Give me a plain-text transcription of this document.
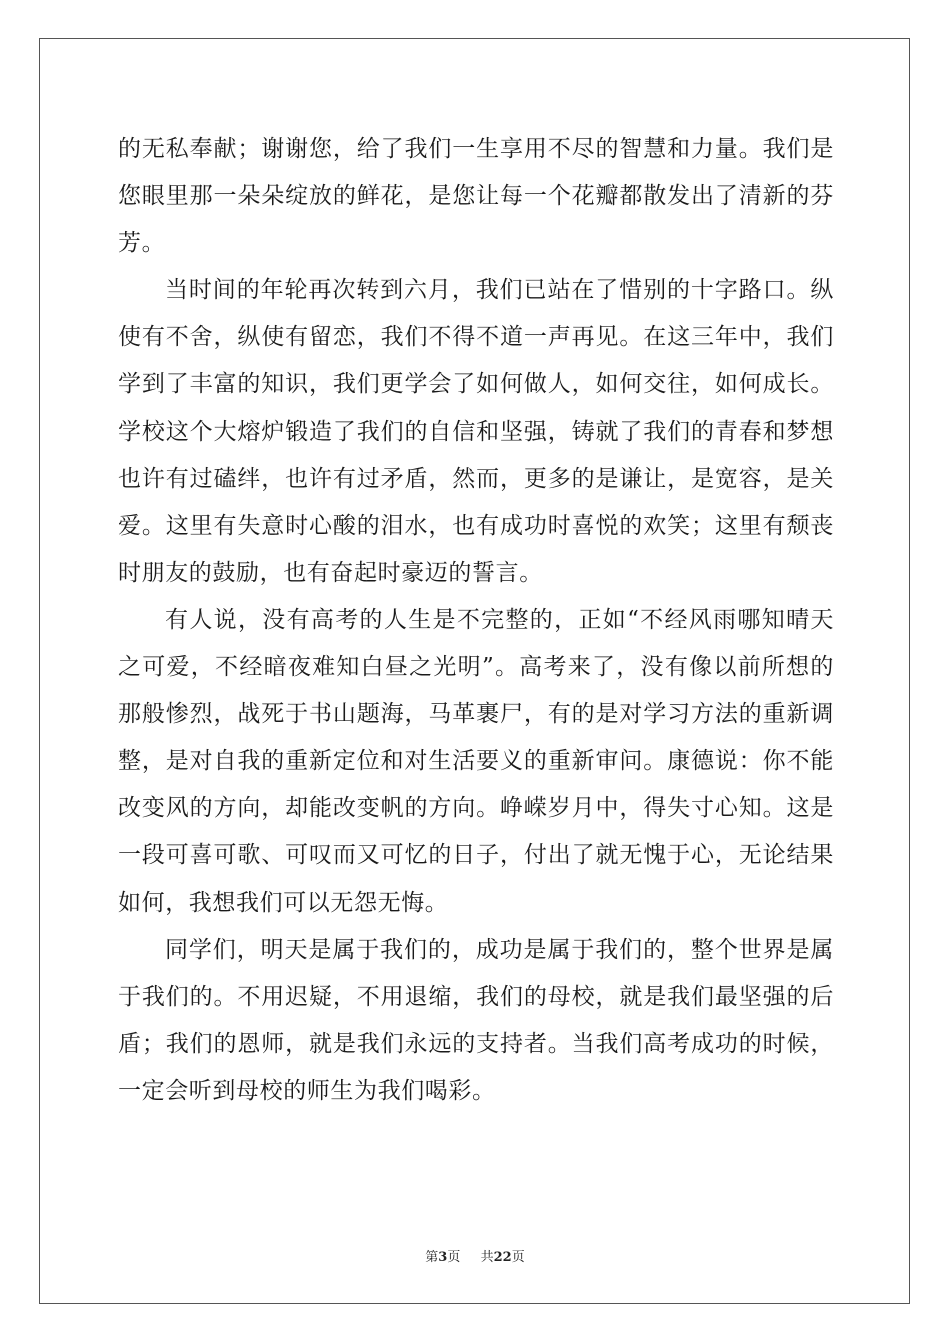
的无私奉献；谢谢您，给了我们一生享用不尽的智慧和力量。我们是您眼里那一朵朵绽放的鲜花，是您让每一个花瓣都散发出了清新的芬芳。

当时间的年轮再次转到六月，我们已站在了惜别的十字路口。纵使有不舍，纵使有留恋，我们不得不道一声再见。在这三年中，我们学到了丰富的知识，我们更学会了如何做人，如何交往，如何成长。学校这个大熔炉锻造了我们的自信和坚强，铸就了我们的青春和梦想也许有过磕绊，也许有过矛盾，然而，更多的是谦让，是宽容，是关爱。这里有失意时心酸的泪水，也有成功时喜悦的欢笑；这里有颓丧时朋友的鼓励，也有奋起时豪迈的誓言。

有人说，没有高考的人生是不完整的，正如“不经风雨哪知晴天之可爱，不经暗夜难知白昼之光明”。高考来了，没有像以前所想的那般惨烈，战死于书山题海，马革裹尸，有的是对学习方法的重新调整，是对自我的重新定位和对生活要义的重新审问。康德说：你不能改变风的方向，却能改变帆的方向。峥嵘岁月中，得失寸心知。这是一段可喜可歌、可叹而又可忆的日子，付出了就无愧于心，无论结果如何，我想我们可以无怨无悔。

同学们，明天是属于我们的，成功是属于我们的，整个世界是属于我们的。不用迟疑，不用退缩，我们的母校，就是我们最坚强的后盾；我们的恩师，就是我们永远的支持者。当我们高考成功的时候，一定会听到母校的师生为我们喝彩。

第3页 共22页
